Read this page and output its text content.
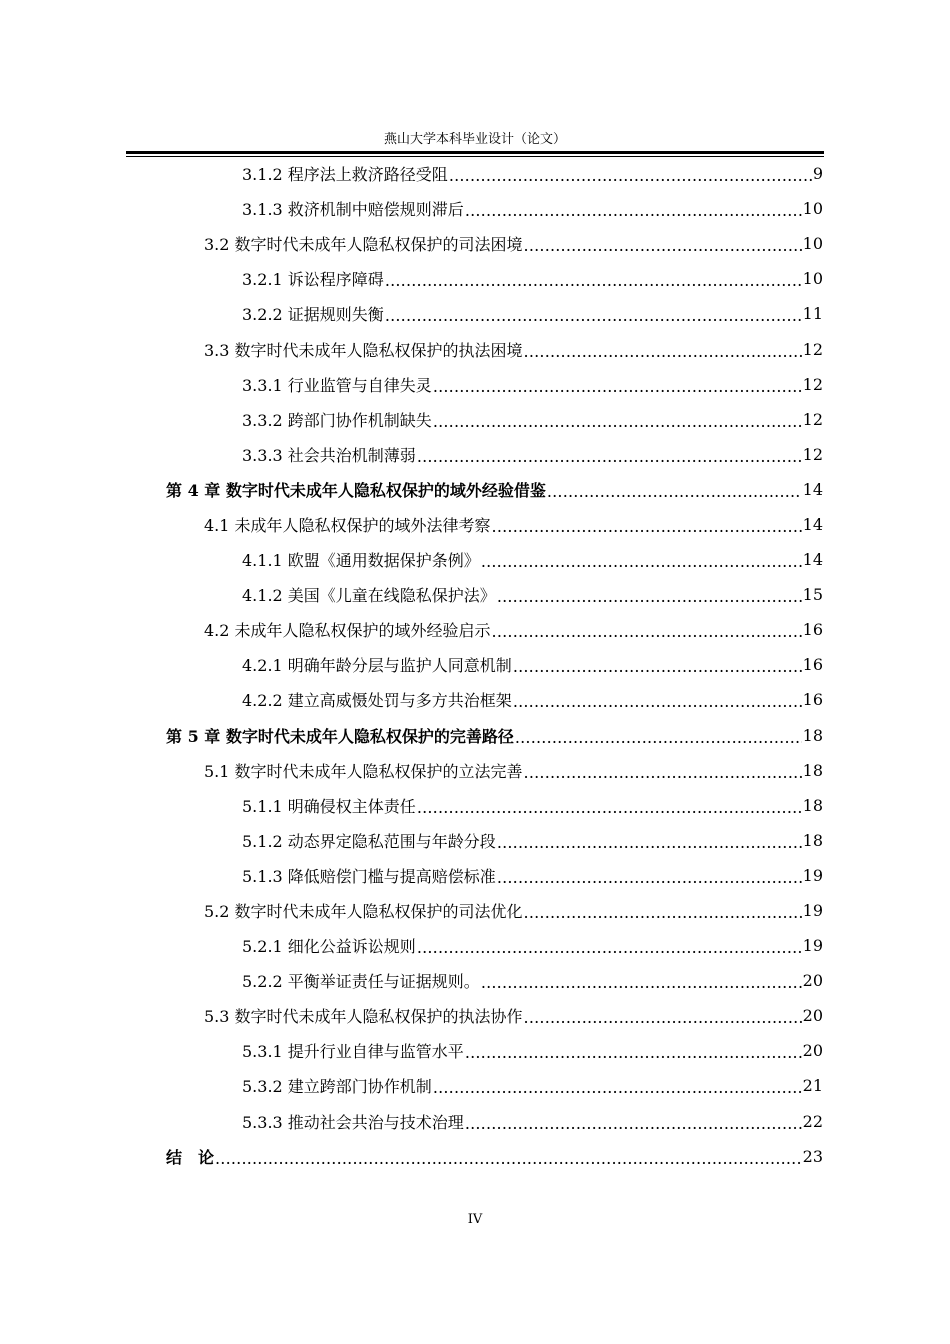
燕山大学本科毕业设计（论文）
3.1.2 程序法上救济路径受阻 .....	9
3.1.3 救济机制中赔偿规则滞后 .....	10
3.2 数字时代未成年人隐私权保护的司法困境 .....	10
3.2.1 诉讼程序障碍 .....	10
3.2.2 证据规则失衡 .....	11
3.3 数字时代未成年人隐私权保护的执法困境 .....	12
3.3.1 行业监管与自律失灵 .....	12
3.3.2 跨部门协作机制缺失 .....	12
3.3.3 社会共治机制薄弱 .....	12
第 4 章 数字时代未成年人隐私权保护的域外经验借鉴 .....	14
4.1 未成年人隐私权保护的域外法律考察 .....	14
4.1.1 欧盟《通用数据保护条例》 .....	14
4.1.2 美国《儿童在线隐私保护法》 .....	15
4.2 未成年人隐私权保护的域外经验启示 .....	16
4.2.1 明确年龄分层与监护人同意机制 .....	16
4.2.2 建立高威慑处罚与多方共治框架 .....	16
第 5 章 数字时代未成年人隐私权保护的完善路径 .....	18
5.1 数字时代未成年人隐私权保护的立法完善 .....	18
5.1.1 明确侵权主体责任 .....	18
5.1.2 动态界定隐私范围与年龄分段 .....	18
5.1.3 降低赔偿门槛与提高赔偿标准 .....	19
5.2 数字时代未成年人隐私权保护的司法优化 .....	19
5.2.1 细化公益诉讼规则 .....	19
5.2.2 平衡举证责任与证据规则。 .....	20
5.3 数字时代未成年人隐私权保护的执法协作 .....	20
5.3.1 提升行业自律与监管水平 .....	20
5.3.2 建立跨部门协作机制 .....	21
5.3.3 推动社会共治与技术治理 .....	22
结　论 .....	23
IV
